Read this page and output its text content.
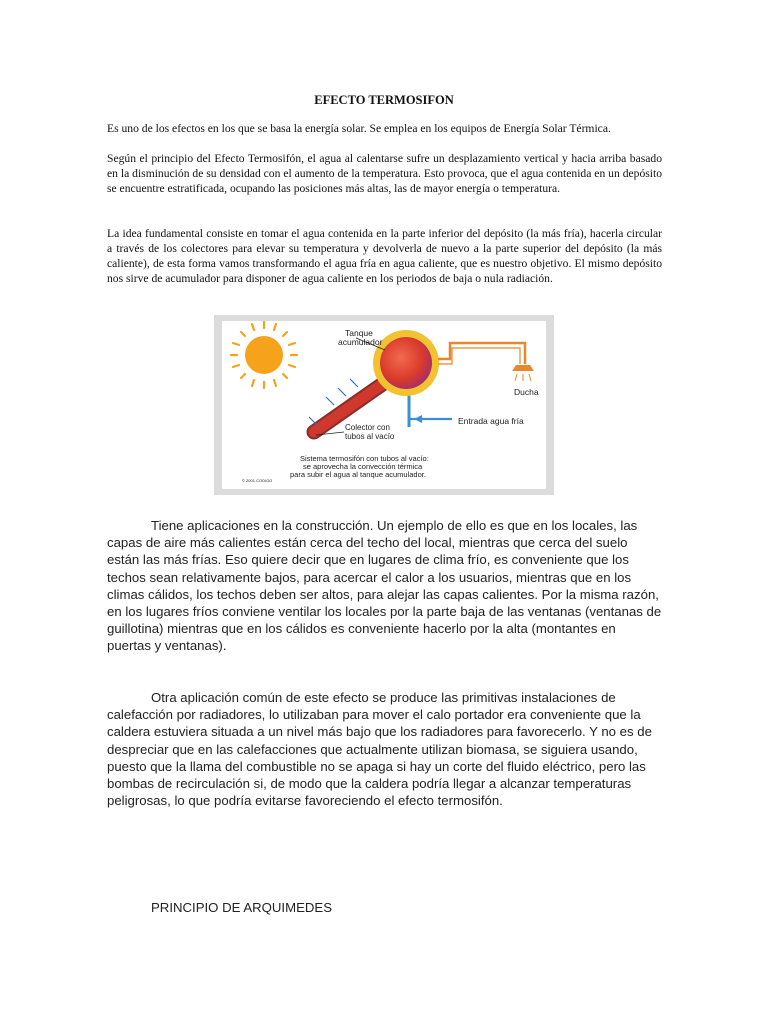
EFECTO TERMOSIFON

Es uno de los efectos en los que se basa la energía solar. Se emplea en los equipos de Energía Solar Térmica.

Según el principio del Efecto Termosifón, el agua al calentarse sufre un desplazamiento vertical y hacia arriba basado en la disminución de su densidad con el aumento de la temperatura. Esto provoca, que el agua contenida en un depósito se encuentre estratificada, ocupando las posiciones más altas, las de mayor energía o temperatura.

La idea fundamental consiste en tomar el agua contenida en la parte inferior del depósito (la más fría), hacerla circular a través de los colectores para elevar su temperatura y devolverla de nuevo a la parte superior del depósito (la más caliente), de esta forma vamos transformando el agua fría en agua caliente, que es nuestro objetivo. El mismo depósito nos sirve de acumulador para disponer de agua caliente en los periodos de baja o nula radiación.

Tanque
acumulador
Ducha
Entrada agua fría
Colector con
tubos al vacío
Sistema termosifón con tubos al vacío:
se aprovecha la convección térmica
para subir el agua al tanque acumulador.
© 2001 CODIGO

Tiene aplicaciones en la construcción. Un ejemplo de ello es que en los locales, las capas de aire más calientes están cerca del techo del local, mientras que cerca del suelo están las más frías. Eso quiere decir que en lugares de clima frío, es conveniente que los techos sean relativamente bajos, para acercar el calor a los usuarios, mientras que en los climas cálidos, los techos deben ser altos, para alejar las capas calientes. Por la misma razón, en los lugares fríos conviene ventilar los locales por la parte baja de las ventanas (ventanas de guillotina) mientras que en los cálidos es conveniente hacerlo por la alta (montantes en puertas y ventanas).

Otra aplicación común de este efecto se produce las primitivas instalaciones de calefacción por radiadores, lo utilizaban para mover el calo portador era conveniente que la caldera estuviera situada a un nivel más bajo que los radiadores para favorecerlo. Y no es de despreciar que en las calefacciones que actualmente utilizan biomasa, se siguiera usando, puesto que la llama del combustible no se apaga si hay un corte del fluido eléctrico, pero las bombas de recirculación si, de modo que la caldera podría llegar a alcanzar temperaturas peligrosas, lo que podría evitarse favoreciendo el efecto termosifón.

PRINCIPIO DE ARQUIMEDES
